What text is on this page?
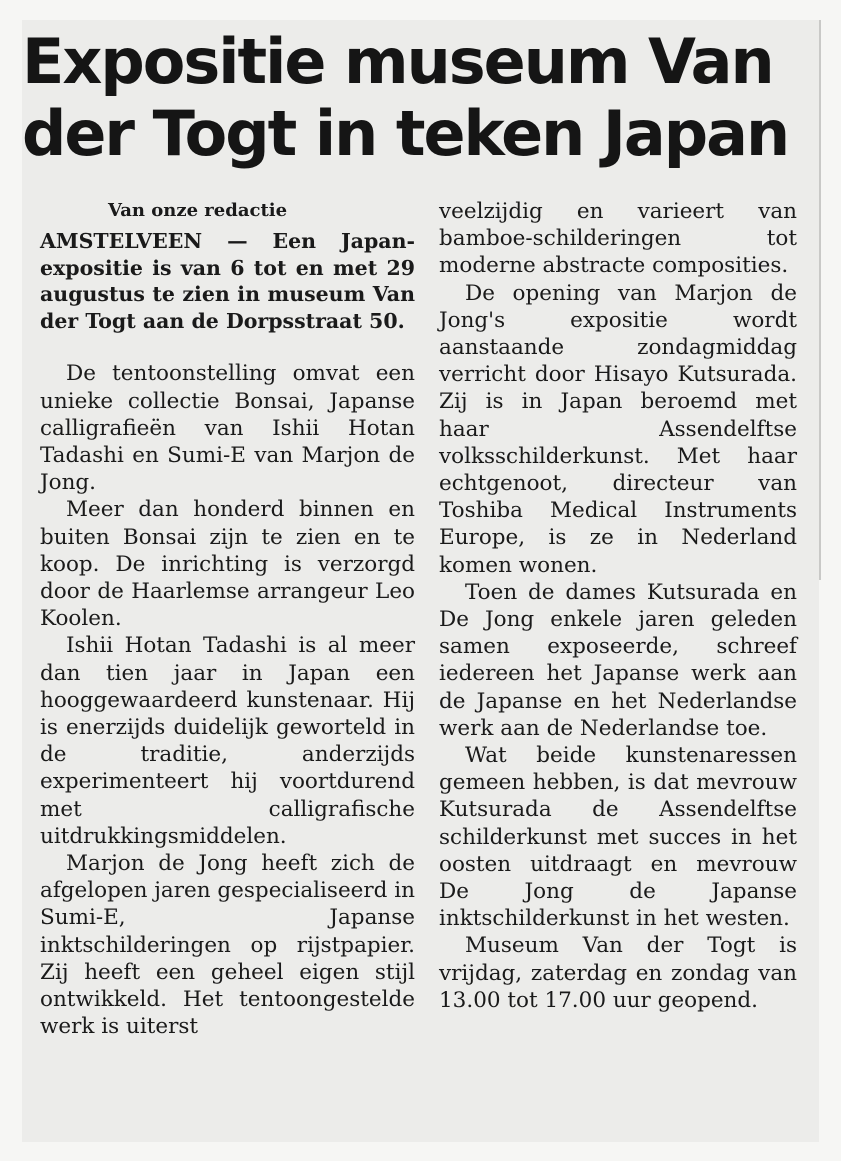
Expositie museum Van
der Togt in teken Japan

Van onze redactie

AMSTELVEEN — Een Japan-expositie is van 6 tot en met 29 augustus te zien in museum Van der Togt aan de Dorpsstraat 50.

De tentoonstelling omvat een unieke collectie Bonsai, Japanse calligrafieën van Ishii Hotan Tadashi en Sumi-E van Marjon de Jong.

Meer dan honderd binnen en buiten Bonsai zijn te zien en te koop. De inrichting is verzorgd door de Haarlemse arrangeur Leo Koolen.

Ishii Hotan Tadashi is al meer dan tien jaar in Japan een hooggewaardeerd kunstenaar. Hij is enerzijds duidelijk geworteld in de traditie, anderzijds experimenteert hij voortdurend met calligrafische uitdrukkingsmiddelen.

Marjon de Jong heeft zich de afgelopen jaren gespecialiseerd in Sumi-E, Japanse inktschilderingen op rijstpapier. Zij heeft een geheel eigen stijl ontwikkeld. Het tentoongestelde werk is uiterst

veelzijdig en varieert van bamboe-schilderingen tot moderne abstracte composities.

De opening van Marjon de Jong's expositie wordt aanstaande zondagmiddag verricht door Hisayo Kutsurada. Zij is in Japan beroemd met haar Assendelftse volksschilderkunst. Met haar echtgenoot, directeur van Toshiba Medical Instruments Europe, is ze in Nederland komen wonen.

Toen de dames Kutsurada en De Jong enkele jaren geleden samen exposeerde, schreef iedereen het Japanse werk aan de Japanse en het Nederlandse werk aan de Nederlandse toe.

Wat beide kunstenaressen gemeen hebben, is dat mevrouw Kutsurada de Assendelftse schilderkunst met succes in het oosten uitdraagt en mevrouw De Jong de Japanse inktschilderkunst in het westen.

Museum Van der Togt is vrijdag, zaterdag en zondag van 13.00 tot 17.00 uur geopend.
